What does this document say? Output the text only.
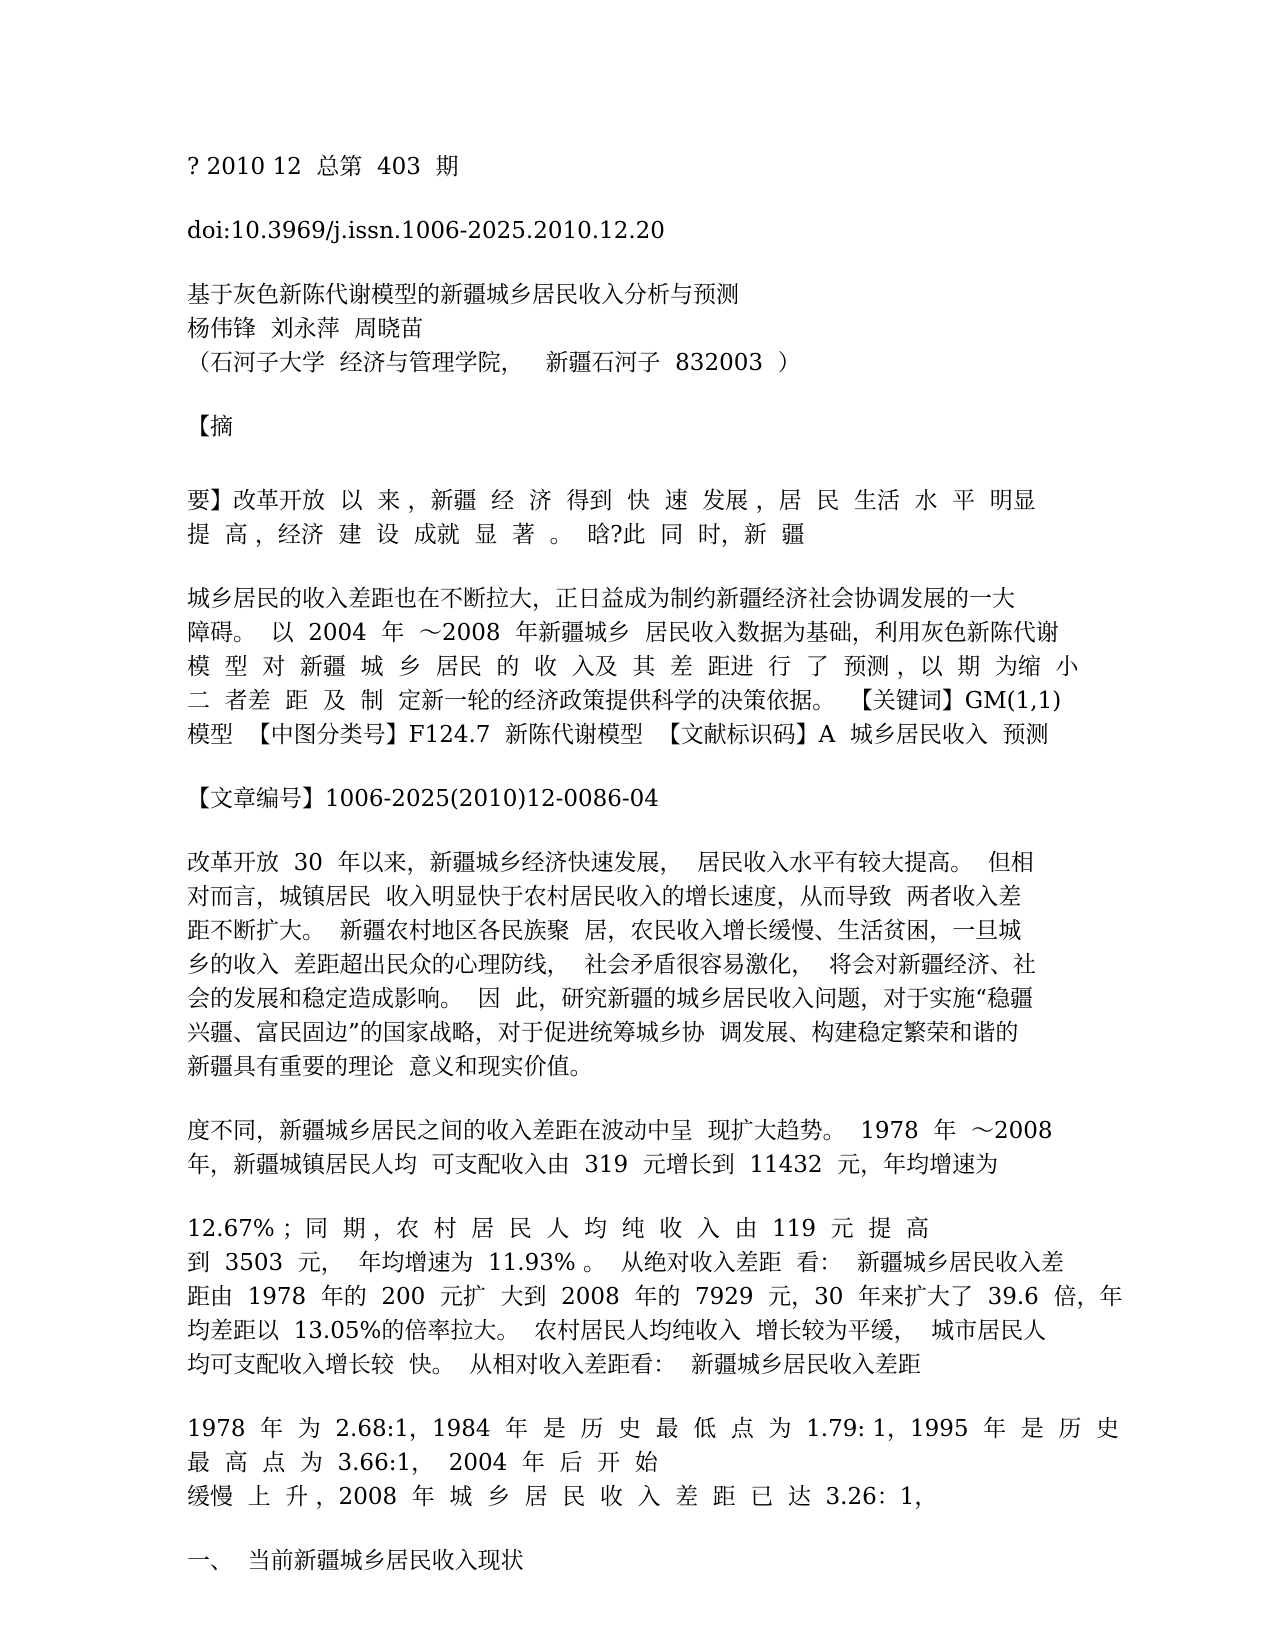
? 2010 12  总第  403  期
doi:10.3969/j.issn.1006-2025.2010.12.20
基于灰色新陈代谢模型的新疆城乡居民收入分析与预测
杨伟锋  刘永萍  周晓苗
（石河子大学  经济与管理学院，   新疆石河子  832003  ）
【摘
要】改革开放  以  来 ，新疆  经  济  得到  快  速  发展 ，居  民  生活  水  平  明显
提  高 ，经济  建  设  成就  显  著  。  晗?此  同  时，新  疆
城乡居民的收入差距也在不断拉大，正日益成为制约新疆经济社会协调发展的一大
障碍。  以  2004  年  ～2008  年新疆城乡  居民收入数据为基础，利用灰色新陈代谢
模  型  对  新疆  城  乡  居民  的  收  入及  其  差  距进  行  了  预测 ，以  期  为缩  小
二  者差  距  及  制  定新一轮的经济政策提供科学的决策依据。  【关键词】GM(1,1)
模型  【中图分类号】F124.7  新陈代谢模型  【文献标识码】A  城乡居民收入  预测
【文章编号】1006-2025(2010)12-0086-04
改革开放  30  年以来，新疆城乡经济快速发展，  居民收入水平有较大提高。  但相
对而言，城镇居民  收入明显快于农村居民收入的增长速度，从而导致  两者收入差
距不断扩大。  新疆农村地区各民族聚  居，农民收入增长缓慢、生活贫困，一旦城
乡的收入  差距超出民众的心理防线，  社会矛盾很容易激化，  将会对新疆经济、社
会的发展和稳定造成影响。  因  此，研究新疆的城乡居民收入问题，对于实施“稳疆
兴疆、富民固边”的国家战略，对于促进统筹城乡协  调发展、构建稳定繁荣和谐的
新疆具有重要的理论  意义和现实价值。
度不同，新疆城乡居民之间的收入差距在波动中呈  现扩大趋势。  1978  年  ～2008
年，新疆城镇居民人均  可支配收入由  319  元增长到  11432  元，年均增速为
12.67% ；同  期 ，农  村  居  民  人  均  纯  收  入  由  119  元  提  高
到  3503  元，  年均增速为  11.93% 。  从绝对收入差距  看：  新疆城乡居民收入差
距由  1978  年的  200  元扩  大到  2008  年的  7929  元，30  年来扩大了  39.6  倍，年
均差距以  13.05%的倍率拉大。  农村居民人均纯收入  增长较为平缓，  城市居民人
均可支配收入增长较  快。  从相对收入差距看：  新疆城乡居民收入差距
1978  年  为  2.68:1，1984  年  是  历  史  最  低  点  为  1.79: 1，1995  年  是  历  史
最  高  点  为  3.66:1，  2004  年  后  开  始
缓慢  上  升 ，2008  年  城  乡  居  民  收  入  差  距  已  达  3.26：1，
一、  当前新疆城乡居民收入现状
